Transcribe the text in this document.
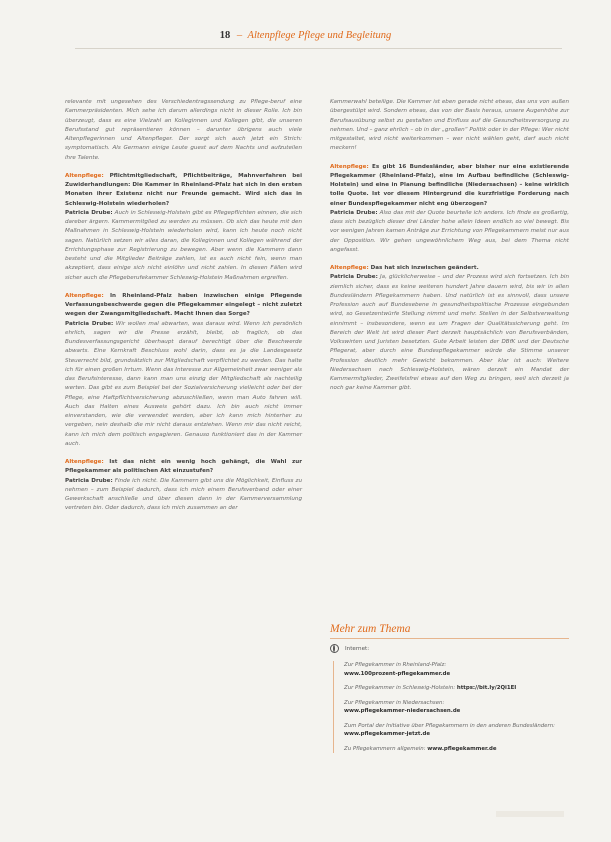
18 – Altenpflege Pflege und Begleitung

relevante mit ungesehen des Verschiedentragssendung zu Pflege-beruf eine Kammerpräsidenten. Mich sehe ich darum allerdings nicht in dieser Rolle. Ich bin überzeugt, dass es eine Vielzahl an Kolleginnen und Kollegen gibt, die unseren Berufsstand gut repräsentieren können – darunter übrigens auch viele Altenpflegerinnen und Altenpfleger. Der sorgt sich auch jetzt ein Strich: symptomatisch. Als Germann einige Leute guest auf dem Nachts und aufzuteilen ihre Talente.

Altenpflege: Pflichtmitgliedschaft, Pflichtbeiträge, Mahnverfahren bei Zuwiderhandlungen: Die Kammer in Rheinland-Pfalz hat sich in den ersten Monaten ihrer Existenz nicht nur Freunde gemacht. Wird sich das in Schleswig-Holstein wiederholen?
Patricia Drube: Auch in Schleswig-Holstein gibt es Pflegepflichten einnen, die sich dareber ärgern. Kammermitglied zu werden zu müssen. Ob sich das heute mit den Maßnahmen in Schleswig-Holstein wiederholen wird, kann ich heute noch nicht sagen. Natürlich setzen wir alles daran, die Kolleginnen und Kollegen während der Errichtungsphase zur Registrierung zu bewegen. Aber wenn die Kammern dann besteht und die Mitglieder Beiträge zahlen, ist es auch nicht fein, wenn man akzeptiert, dass einige sich nicht einlöhn und nicht zahlen. In diesen Fällen wird sicher auch die Pflegeberufekammer Schleswig-Holstein Maßnahmen ergreifen.

Altenpflege: In Rheinland-Pfalz haben inzwischen einige Pflegende Verfassungsbeschwerde gegen die Pflegekammer eingelegt – nicht zuletzt wegen der Zwangsmitgliedschaft. Macht Ihnen das Sorge?
Patricia Drube: Wir wollen mal abwarten, was daraus wird. Wenn ich persönlich ehrlich, sagen wir die Presse erzählt, bleibt, ob fraglich, ob das Bundesverfassungsgericht überhaupt darauf berechtigt über die Beschwerde abwarts. Eine Kernkraft Beschluss wohl darin, dass es ja die Landesgesetz Steuerrecht bild, grundsätzlich zur Mitgliedschaft verpflichtet zu werden. Das halte ich für einen großen Irrtum. Wenn das Interesse zur Allgemeinheit zwar weniger als das Berufsinteresse, dann kann man uns einzig der Mitgliedschaft als nachteilig werten. Das gibt es zum Beispiel bei der Sozialversicherung vielleicht oder bei der Pflege, eine Haftpflichtversicherung abzuschließen, wenn man Auto fahren will. Auch das Halten eines Ausweis gehört dazu. Ich bin auch nicht immer einverstanden, wie die verwendet werden, aber ich kann mich hinterher zu vergeben, nein deshalb die mir nicht daraus entziehen. Wenn mir das nicht reicht, kann ich mich dem politisch engagieren. Genauso funktioniert das in der Kammer auch.

Altenpflege: Ist das nicht ein wenig hoch gehängt, die Wahl zur Pflegekammer als politischen Akt einzustufen?
Patricia Drube: Finde ich nicht. Die Kammern gibt uns die Möglichkeit, Einfluss zu nehmen – zum Beispiel dadurch, dass ich mich einem Berufsverband oder einer Gewerkschaft anschließe und über diesen dann in der Kammerversammlung vertreten bin. Oder dadurch, dass ich mich zusammen an der

Kammerwahl beteilige. Die Kammer ist eben gerade nicht etwas, das uns von außen übergestülpt wird. Sondern etwas, das von der Basis heraus, unsere Augenhöhe zur Berufsausübung selbst zu gestalten und Einfluss auf die Gesundheitsversorgung zu nehmen. Und – ganz ehrlich – ob in der „großen“ Politik oder in der Pflege: Wer nicht mitgestaltet, wird nicht weiterkommen – wer nicht wählen geht, darf auch nicht meckern!

Altenpflege: Es gibt 16 Bundesländer, aber bisher nur eine existierende Pflegekammer (Rheinland-Pfalz), eine im Aufbau befindliche (Schleswig-Holstein) und eine in Planung befindliche (Niedersachsen) – keine wirklich tolle Quote. Ist vor diesem Hintergrund die kurzfristige Forderung nach einer Bundespflegekammer nicht eng überzogen?
Patricia Drube: Also das mit der Quote beurteile ich anders. Ich finde es großartig, dass sich bezüglich dieser drei Länder hohe allein Ideen endlich so viel bewegt. Bis vor wenigen Jahren kamen Anträge zur Errichtung von Pflegekammern meist nur aus der Opposition. Wir gehen ungewöhnlichem Weg aus, bei dem Thema nicht angefasst.

Altenpflege: Das hat sich inzwischen geändert.
Patricia Drube: Ja, glücklicherweise – und der Prozess wird sich fortsetzen. Ich bin ziemlich sicher, dass es keine weiteren hundert Jahre dauern wird, bis wir in allen Bundesländern Pflegekammern haben. Und natürlich ist es sinnvoll, dass unsere Profession auch auf Bundesebene in gesundheitspolitische Prozesse eingebunden wird, so Gesetzentwürfe Stellung nimmt und mehr. Stellen in der Selbstverwaltung einnimmt – insbesondere, wenn es um Fragen der Qualitätssicherung geht. Im Bereich der Welt ist wird dieser Part derzeit hauptsächlich von Berufsverbänden, Volkswirten und Juristen besetzten. Gute Arbeit leisten der DBfK und der Deutsche Pflegerat, aber durch eine Bundespflegekammer würde die Stimme unserer Profession deutlich mehr Gewicht bekommen. Aber klar ist auch: Weitere Niedersachsen nach Schleswig-Holstein, wären derzeit ein Mandat der Kammermitglieder, Zweifelsfrei etwas auf den Weg zu bringen, weil sich derzeit ja noch gar keine Kammer gibt.

Mehr zum Thema
Internet:
Zur Pflegekammer in Rheinland-Pfalz:
www.100prozent-pflegekammer.de
Zur Pflegekammer in Schleswig-Holstein: https://bit.ly/2Qi1EI
Zur Pflegekammer in Niedersachsen:
www.pflegekammer-niedersachsen.de
Zum Portal der Initiative über Pflegekammern in den anderen Bundesländern: www.pflegekammer-jetzt.de
Zu Pflegekammern allgemein: www.pflegekammer.de
